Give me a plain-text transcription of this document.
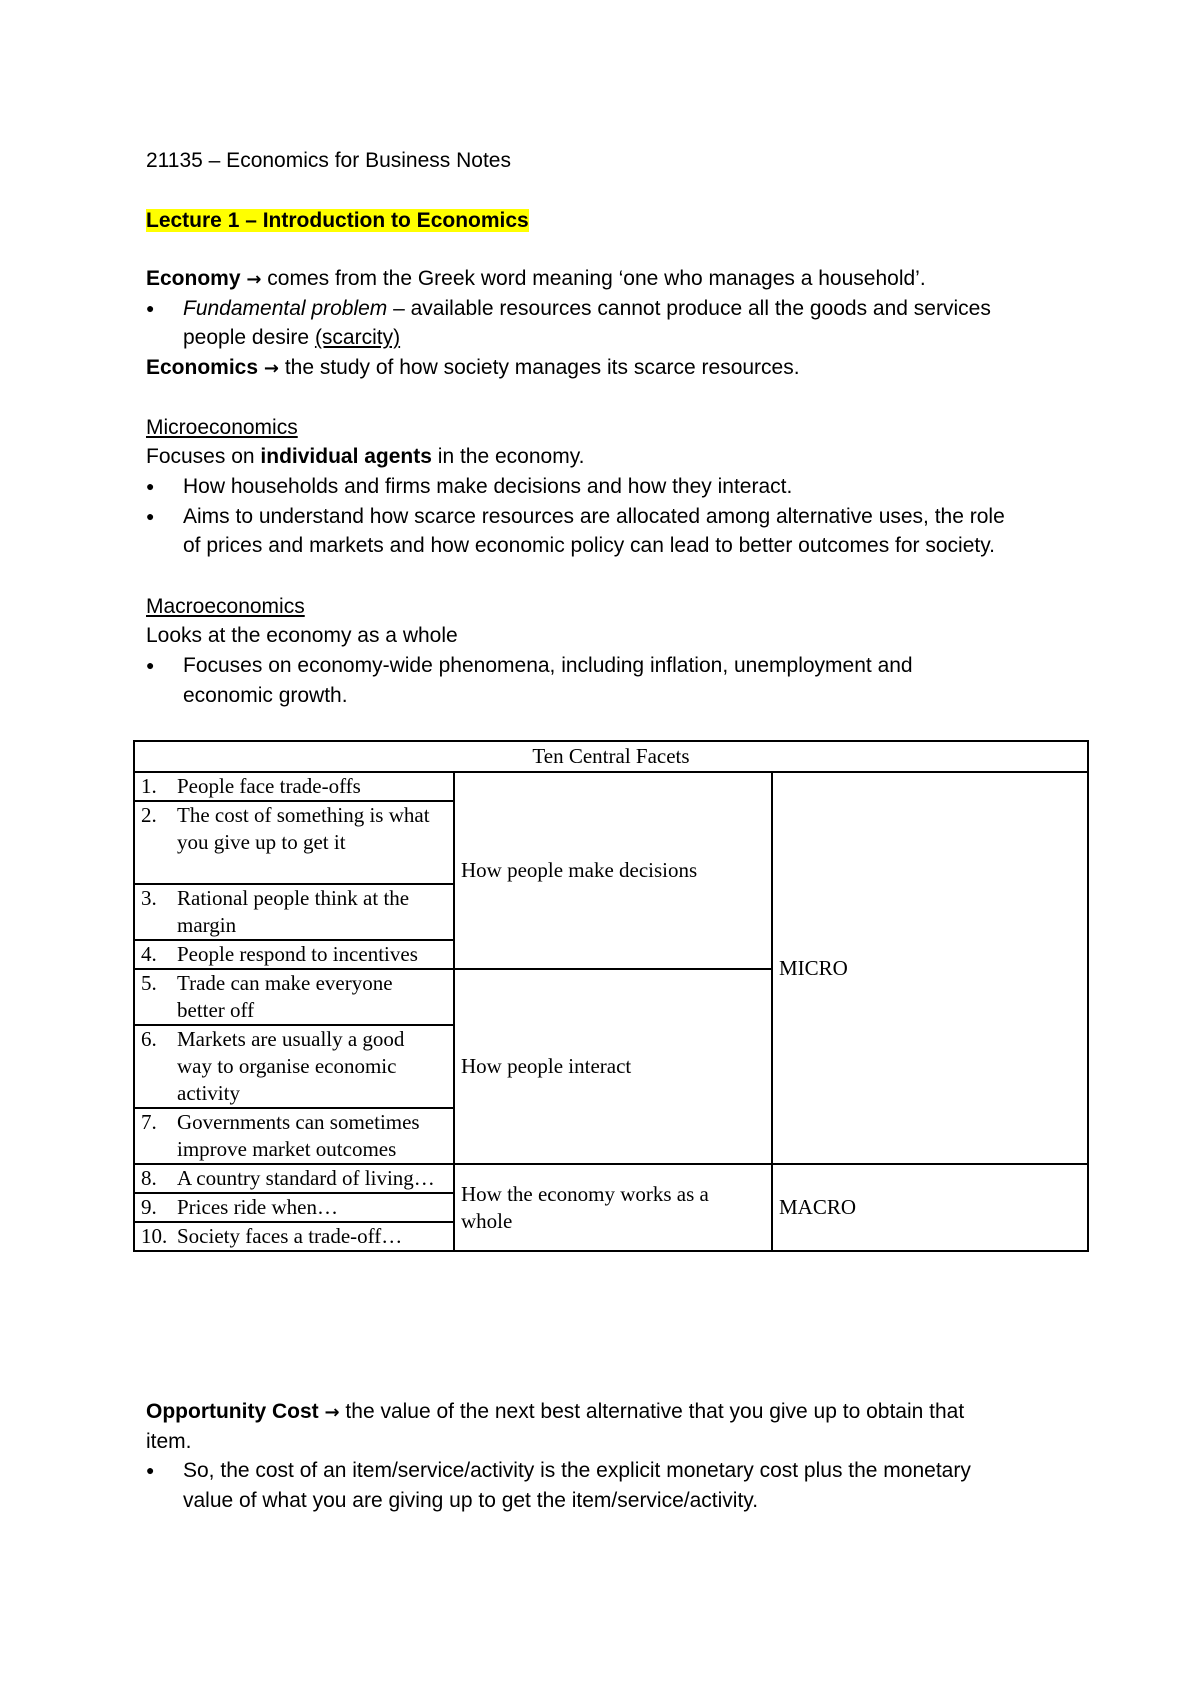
21135 – Economics for Business Notes
Lecture 1 – Introduction to Economics
Economy → comes from the Greek word meaning ‘one who manages a household’.
● Fundamental problem – available resources cannot produce all the goods and services
people desire (scarcity)
Economics → the study of how society manages its scarce resources.
Microeconomics
Focuses on individual agents in the economy.
● How households and firms make decisions and how they interact.
● Aims to understand how scarce resources are allocated among alternative uses, the role
of prices and markets and how economic policy can lead to better outcomes for society.
Macroeconomics
Looks at the economy as a whole
● Focuses on economy-wide phenomena, including inflation, unemployment and
economic growth.
Ten Central Facets		
1. People face trade-offs	How people make decisions	MICRO
2. The cost of something is what you give up to get it		
3. Rational people think at the margin		
4. People respond to incentives		
5. Trade can make everyone better off	How people interact	
6. Markets are usually a good way to organise economic activity		
7. Governments can sometimes improve market outcomes		
8. A country standard of living…	How the economy works as a whole	MACRO
9. Prices ride when…		
10. Society faces a trade-off…		
Opportunity Cost → the value of the next best alternative that you give up to obtain that
item.
● So, the cost of an item/service/activity is the explicit monetary cost plus the monetary
value of what you are giving up to get the item/service/activity.
